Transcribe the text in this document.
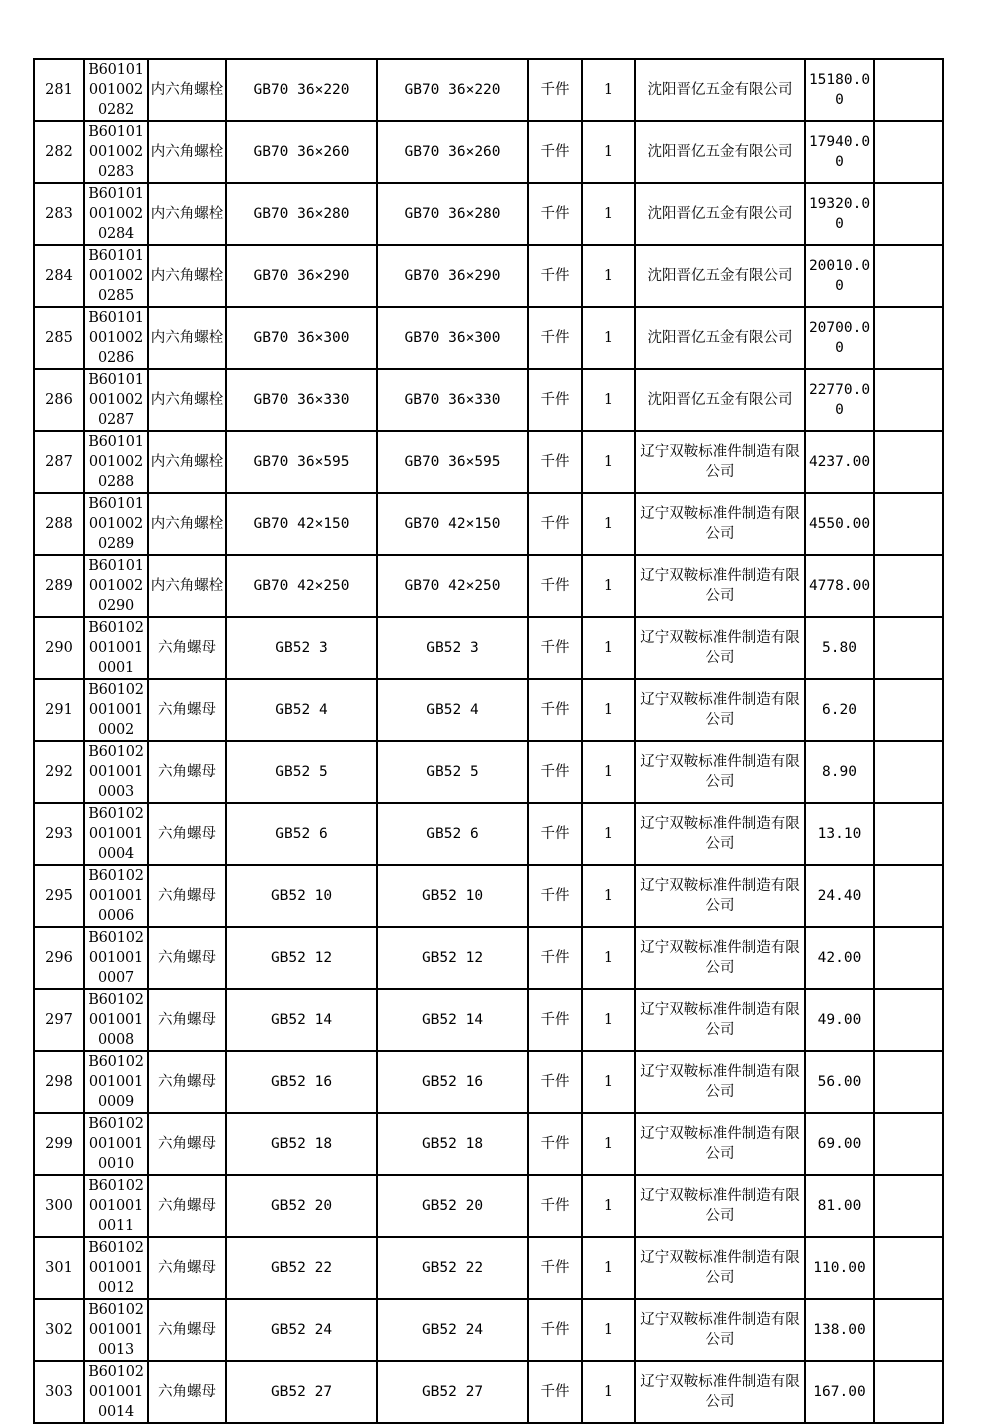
281	B601010010020282	内六角螺栓	GB70 36×220	GB70 36×220	千件	1	沈阳晋亿五金有限公司	15180.00	
282	B601010010020283	内六角螺栓	GB70 36×260	GB70 36×260	千件	1	沈阳晋亿五金有限公司	17940.00	
283	B601010010020284	内六角螺栓	GB70 36×280	GB70 36×280	千件	1	沈阳晋亿五金有限公司	19320.00	
284	B601010010020285	内六角螺栓	GB70 36×290	GB70 36×290	千件	1	沈阳晋亿五金有限公司	20010.00	
285	B601010010020286	内六角螺栓	GB70 36×300	GB70 36×300	千件	1	沈阳晋亿五金有限公司	20700.00	
286	B601010010020287	内六角螺栓	GB70 36×330	GB70 36×330	千件	1	沈阳晋亿五金有限公司	22770.00	
287	B601010010020288	内六角螺栓	GB70 36×595	GB70 36×595	千件	1	辽宁双鞍标准件制造有限公司	4237.00	
288	B601010010020289	内六角螺栓	GB70 42×150	GB70 42×150	千件	1	辽宁双鞍标准件制造有限公司	4550.00	
289	B601010010020290	内六角螺栓	GB70 42×250	GB70 42×250	千件	1	辽宁双鞍标准件制造有限公司	4778.00	
290	B601020010010001	六角螺母	GB52 3	GB52 3	千件	1	辽宁双鞍标准件制造有限公司	5.80	
291	B601020010010002	六角螺母	GB52 4	GB52 4	千件	1	辽宁双鞍标准件制造有限公司	6.20	
292	B601020010010003	六角螺母	GB52 5	GB52 5	千件	1	辽宁双鞍标准件制造有限公司	8.90	
293	B601020010010004	六角螺母	GB52 6	GB52 6	千件	1	辽宁双鞍标准件制造有限公司	13.10	
295	B601020010010006	六角螺母	GB52 10	GB52 10	千件	1	辽宁双鞍标准件制造有限公司	24.40	
296	B601020010010007	六角螺母	GB52 12	GB52 12	千件	1	辽宁双鞍标准件制造有限公司	42.00	
297	B601020010010008	六角螺母	GB52 14	GB52 14	千件	1	辽宁双鞍标准件制造有限公司	49.00	
298	B601020010010009	六角螺母	GB52 16	GB52 16	千件	1	辽宁双鞍标准件制造有限公司	56.00	
299	B601020010010010	六角螺母	GB52 18	GB52 18	千件	1	辽宁双鞍标准件制造有限公司	69.00	
300	B601020010010011	六角螺母	GB52 20	GB52 20	千件	1	辽宁双鞍标准件制造有限公司	81.00	
301	B601020010010012	六角螺母	GB52 22	GB52 22	千件	1	辽宁双鞍标准件制造有限公司	110.00	
302	B601020010010013	六角螺母	GB52 24	GB52 24	千件	1	辽宁双鞍标准件制造有限公司	138.00	
303	B601020010010014	六角螺母	GB52 27	GB52 27	千件	1	辽宁双鞍标准件制造有限公司	167.00	
